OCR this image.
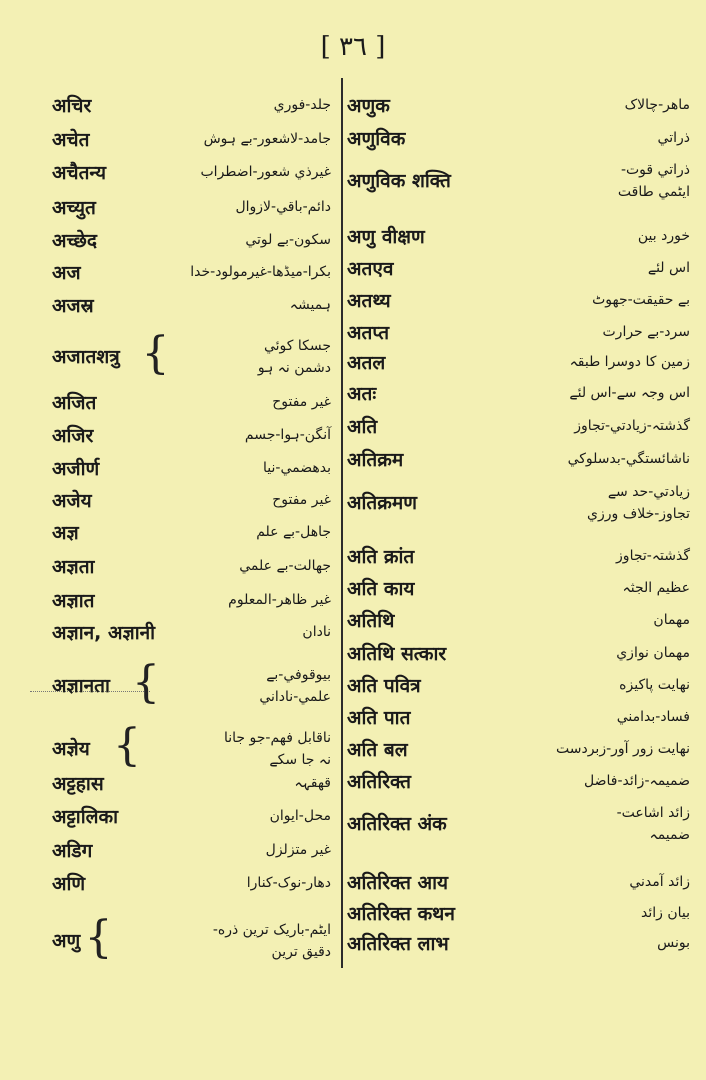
[ ٣٦ ]
अचिर	جلد-فوري
अचेत	جامد-لاشعور-بے ہوش
अचैतन्य	غيرذي شعور-اضطراب
अच्युत	دائم-باقي-لازوال
अच्छेद	سکون-بے لوتي
अज	بکرا-ميڈھا-غيرمولود-خدا
अजस्र	ہميشہ
अजातशत्रु {	جسکا کوئي
دشمن نہ ہو
अजित	غير مفتوح
अजिर	آنگن-ہوا-جسم
अजीर्ण	بدهضمي-نيا
अजेय	غير مفتوح
अज्ञ	جاھل-بے علم
अज्ञता	جهالت-بے علمي
अज्ञात	غير ظاهر-المعلوم
अज्ञान, अज्ञानी	نادان
अज्ञानता {	بيوقوفي-بے
علمي-ناداني
अज्ञेय {	ناقابل فهم-جو جانا
نہ جا سکے
अट्टहास	قهقہہ
अट्टालिका	محل-ايوان
अडिग	غير متزلزل
अणि	دهار-نوک-کنارا
अणु {	ايٹم-باريک ترين ذره-
دقيق ترين
अणुक	ماهر-چالاک
अणुविक	ذراتي
अणुविक शक्ति	ذراتي قوت-
ايٹمي طاقت
अणु वीक्षण	خورد بين
अतएव	اس لئے
अतथ्य	بے حقيقت-جهوٹ
अतप्त	سرد-بے حرارت
अतल	زمين کا دوسرا طبقہ
अतः	اس وجہ سے-اس لئے
अति	گذشتہ-زيادتي-تجاوز
अतिक्रम	ناشائستگي-بدسلوکي
अतिक्रमण	زيادتي-حد سے
تجاوز-خلاف ورزي
अति क्रांत	گذشتہ-تجاوز
अति काय	عظيم الجثہ
अतिथि	مهمان
अतिथि सत्कार	مهمان نوازي
अति पवित्र	نهايت پاکيزه
अति पात	فساد-بدامني
अति बल	نهايت زور آور-زبردست
अतिरिक्त	ضميمہ-زائد-فاضل
अतिरिक्त अंक	زائد اشاعت-
ضميمہ
अतिरिक्त आय	زائد آمدني
अतिरिक्त कथन	بيان زائد
अतिरिक्त लाभ	بونس
